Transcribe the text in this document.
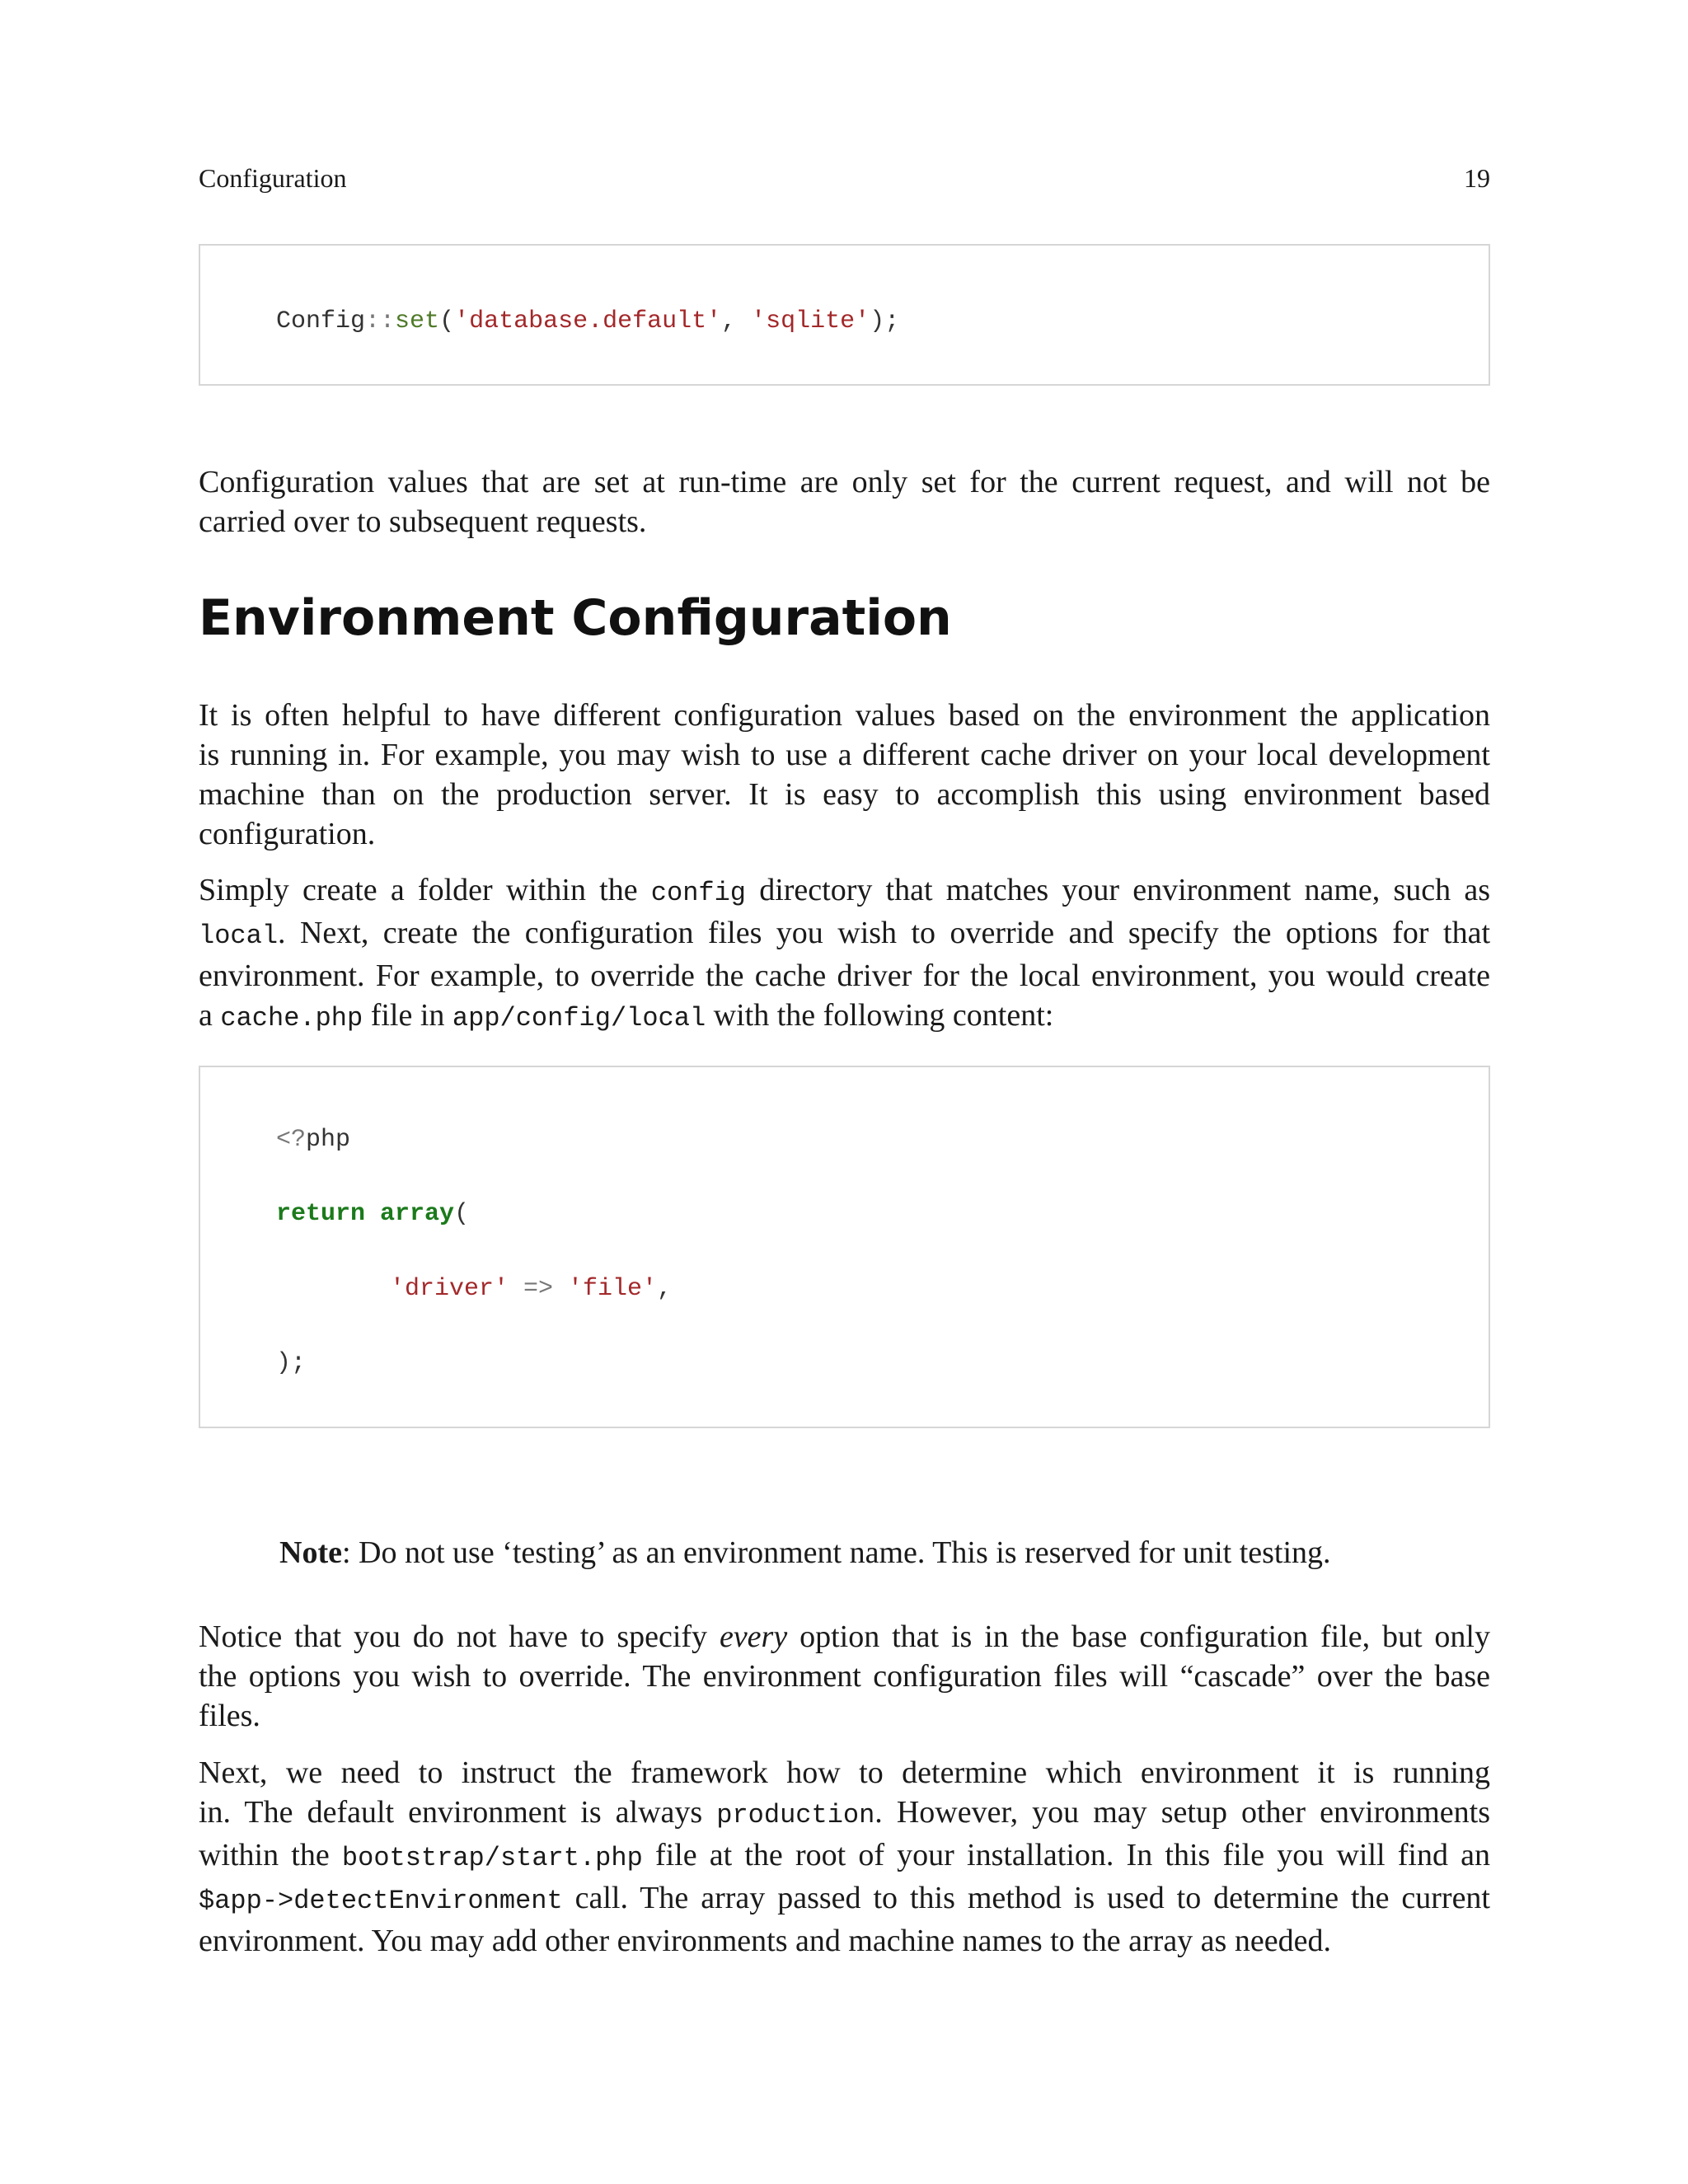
Configuration	19
Config::set('database.default', 'sqlite');
Configuration values that are set at run-time are only set for the current request, and will not be
carried over to subsequent requests.
Environment Configuration
It is often helpful to have different configuration values based on the environment the application
is running in. For example, you may wish to use a different cache driver on your local development
machine than on the production server. It is easy to accomplish this using environment based
configuration.
Simply create a folder within the config directory that matches your environment name, such as
local. Next, create the configuration files you wish to override and specify the options for that
environment. For example, to override the cache driver for the local environment, you would create
a cache.php file in app/config/local with the following content:
<?php
return array(
'driver' => 'file',
);
Note: Do not use ‘testing’ as an environment name. This is reserved for unit testing.
Notice that you do not have to specify every option that is in the base configuration file, but only
the options you wish to override. The environment configuration files will “cascade” over the base
files.
Next, we need to instruct the framework how to determine which environment it is running
in. The default environment is always production. However, you may setup other environments
within the bootstrap/start.php file at the root of your installation. In this file you will find an
$app->detectEnvironment call. The array passed to this method is used to determine the current
environment. You may add other environments and machine names to the array as needed.
